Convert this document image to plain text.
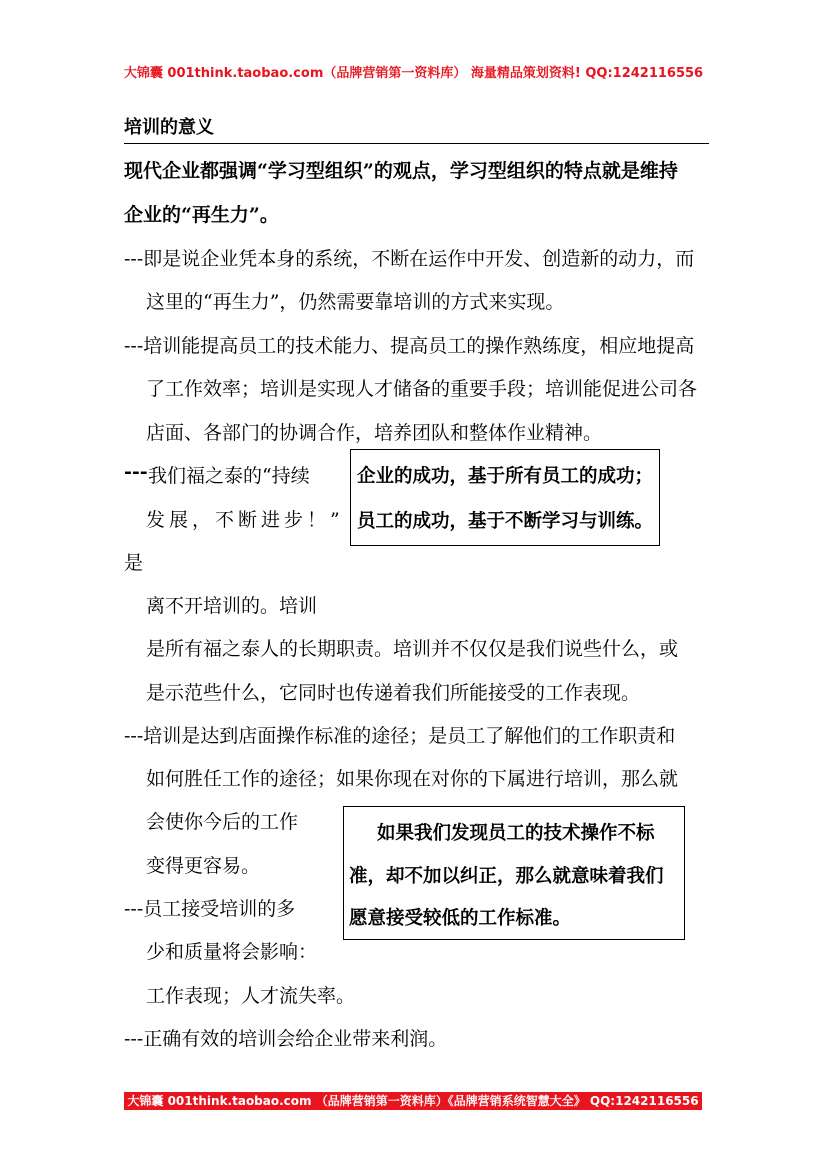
大锦囊 001think.taobao.com（品牌营销第一资料库） 海量精品策划资料! QQ:1242116556
培训的意义
现代企业都强调“学习型组织”的观点，学习型组织的特点就是维持
企业的“再生力”。
---即是说企业凭本身的系统，不断在运作中开发、创造新的动力，而
这里的“再生力”，仍然需要靠培训的方式来实现。
---培训能提高员工的技术能力、提高员工的操作熟练度，相应地提高
了工作效率；培训是实现人才储备的重要手段；培训能促进公司各
店面、各部门的协调合作，培养团队和整体作业精神。
--- 我们福之泰的“持续
发展，不断进步！”
是
离不开培训的。培训
是所有福之泰人的长期职责。培训并不仅仅是我们说些什么，或
是示范些什么，它同时也传递着我们所能接受的工作表现。
---培训是达到店面操作标准的途径；是员工了解他们的工作职责和
如何胜任工作的途径；如果你现在对你的下属进行培训，那么就
会使你今后的工作
变得更容易。
---员工接受培训的多
少和质量将会影响：
工作表现；人才流失率。
---正确有效的培训会给企业带来利润。
企业的成功，基于所有员工的成功；
员工的成功，基于不断学习与训练。
如果我们发现员工的技术操作不标
准，却不加以纠正，那么就意味着我们
愿意接受较低的工作标准。
大锦囊 001think.taobao.com （品牌营销第一资料库）《品牌营销系统智慧大全》 QQ:1242116556
